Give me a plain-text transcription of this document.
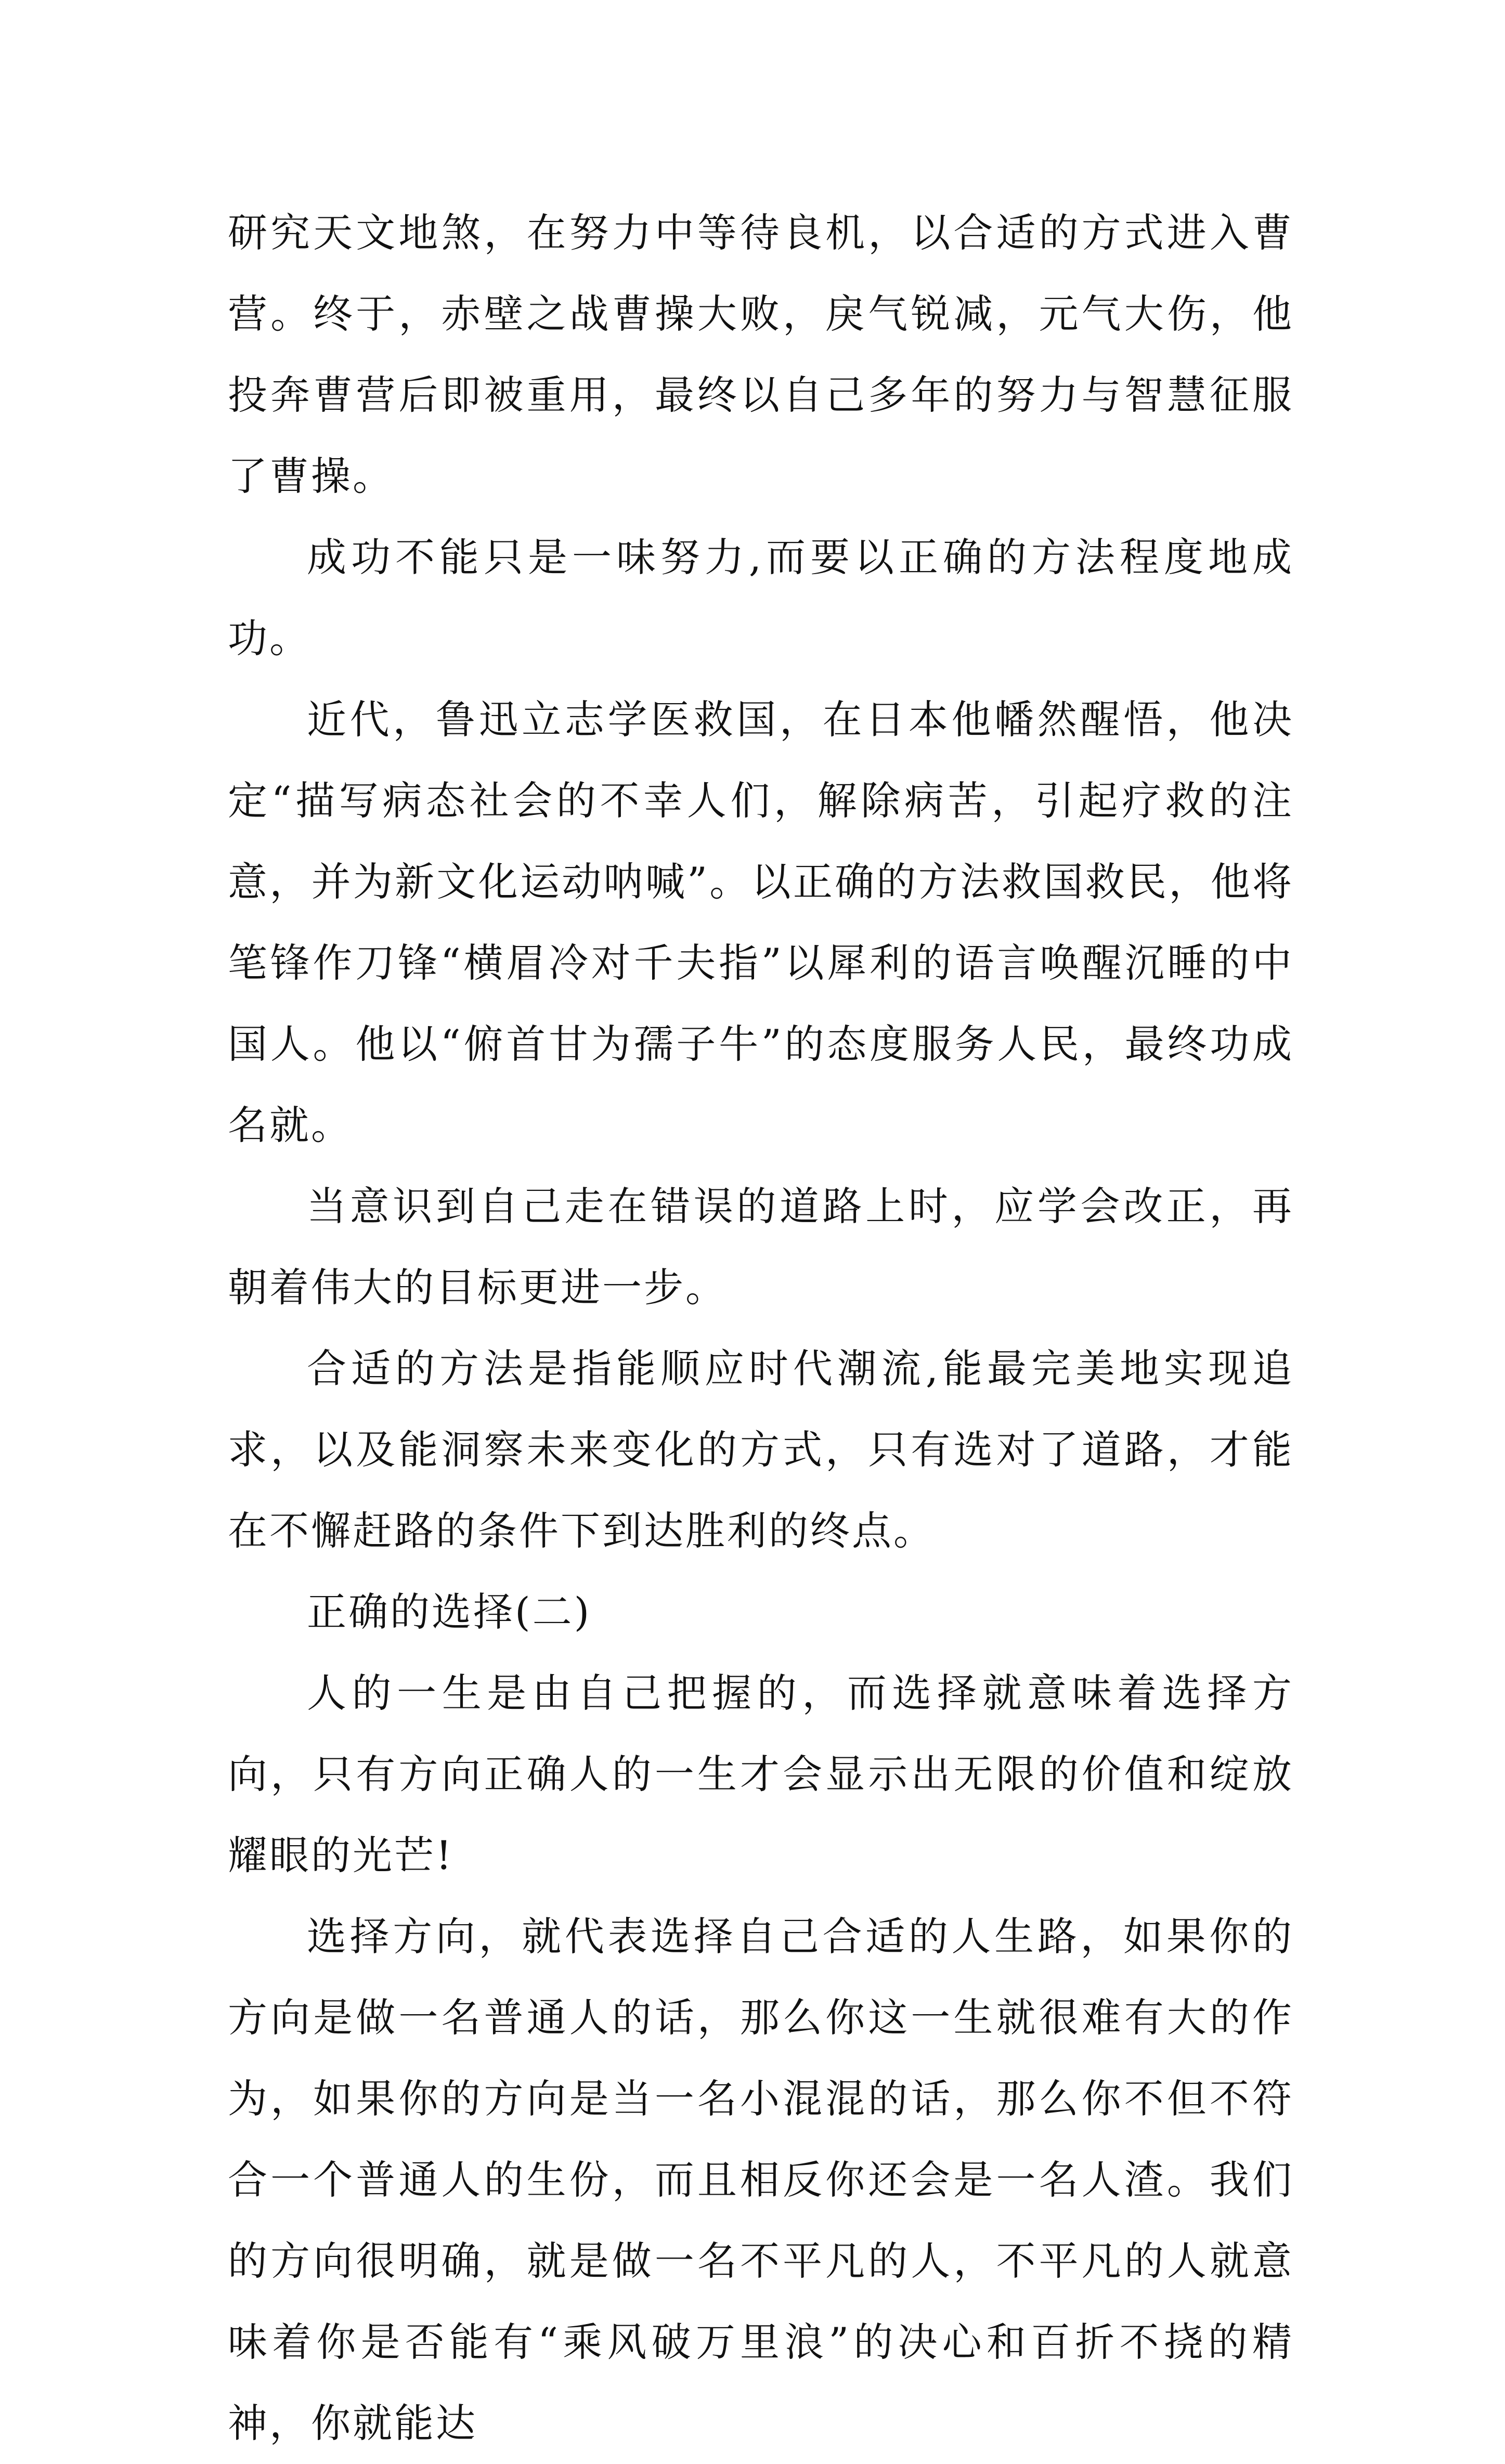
研究天文地煞，在努力中等待良机，以合适的方式进入曹营。终于，赤壁之战曹操大败，戾气锐减，元气大伤，他投奔曹营后即被重用，最终以自己多年的努力与智慧征服了曹操。

成功不能只是一味努力,而要以正确的方法程度地成功。

近代，鲁迅立志学医救国，在日本他幡然醒悟，他决定“描写病态社会的不幸人们，解除病苦，引起疗救的注意，并为新文化运动呐喊”。以正确的方法救国救民，他将笔锋作刀锋“横眉冷对千夫指”以犀利的语言唤醒沉睡的中国人。他以“俯首甘为孺子牛”的态度服务人民，最终功成名就。

当意识到自己走在错误的道路上时，应学会改正，再朝着伟大的目标更进一步。

合适的方法是指能顺应时代潮流,能最完美地实现追求，以及能洞察未来变化的方式，只有选对了道路，才能在不懈赶路的条件下到达胜利的终点。

正确的选择(二)

人的一生是由自己把握的，而选择就意味着选择方向，只有方向正确人的一生才会显示出无限的价值和绽放耀眼的光芒!

选择方向，就代表选择自己合适的人生路，如果你的方向是做一名普通人的话，那么你这一生就很难有大的作为，如果你的方向是当一名小混混的话，那么你不但不符合一个普通人的生份，而且相反你还会是一名人渣。我们的方向很明确，就是做一名不平凡的人，不平凡的人就意味着你是否能有“乘风破万里浪”的决心和百折不挠的精神，你就能达
